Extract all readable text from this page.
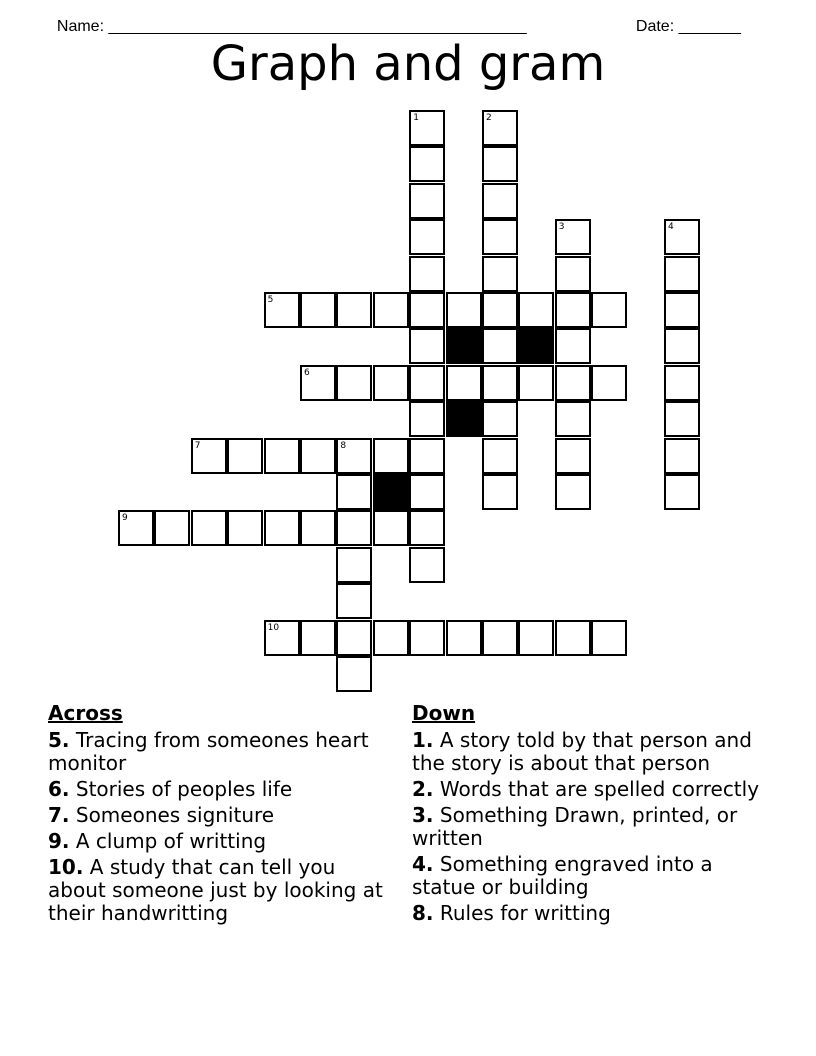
Name: _______________________________________________	Date: _______

Graph and gram
1	2
3	4
5
6
7	8
9
10
Across
5. Tracing from someones heart monitor
6. Stories of peoples life
7. Someones signiture
9. A clump of writting
10. A study that can tell you about someone just by looking at their handwritting
Down
1. A story told by that person and the story is about that person
2. Words that are spelled correctly
3. Something Drawn, printed, or written
4. Something engraved into a statue or building
8. Rules for writting
